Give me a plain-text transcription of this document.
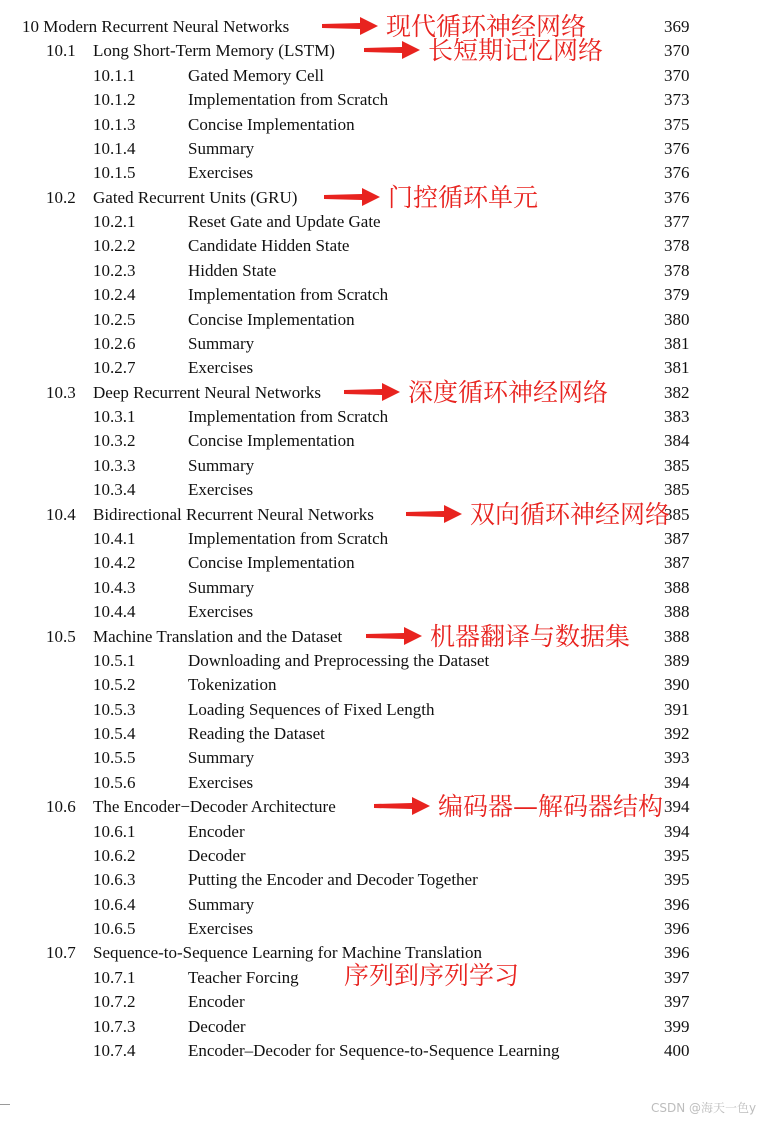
10 Modern Recurrent Neural Networks	369
10.1 Long Short-Term Memory (LSTM)	370
10.1.1	Gated Memory Cell	370
10.1.2	Implementation from Scratch	373
10.1.3	Concise Implementation	375
10.1.4	Summary	376
10.1.5	Exercises	376
10.2 Gated Recurrent Units (GRU)	376
10.2.1	Reset Gate and Update Gate	377
10.2.2	Candidate Hidden State	378
10.2.3	Hidden State	378
10.2.4	Implementation from Scratch	379
10.2.5	Concise Implementation	380
10.2.6	Summary	381
10.2.7	Exercises	381
10.3 Deep Recurrent Neural Networks	382
10.3.1	Implementation from Scratch	383
10.3.2	Concise Implementation	384
10.3.3	Summary	385
10.3.4	Exercises	385
10.4 Bidirectional Recurrent Neural Networks	385
10.4.1	Implementation from Scratch	387
10.4.2	Concise Implementation	387
10.4.3	Summary	388
10.4.4	Exercises	388
10.5 Machine Translation and the Dataset	388
10.5.1	Downloading and Preprocessing the Dataset	389
10.5.2	Tokenization	390
10.5.3	Loading Sequences of Fixed Length	391
10.5.4	Reading the Dataset	392
10.5.5	Summary	393
10.5.6	Exercises	394
10.6 The Encoder−Decoder Architecture	394
10.6.1	Encoder	394
10.6.2	Decoder	395
10.6.3	Putting the Encoder and Decoder Together	395
10.6.4	Summary	396
10.6.5	Exercises	396
10.7 Sequence-to-Sequence Learning for Machine Translation	396
10.7.1	Teacher Forcing	397
10.7.2	Encoder	397
10.7.3	Decoder	399
10.7.4	Encoder–Decoder for Sequence-to-Sequence Learning	400
现代循环神经网络
长短期记忆网络
门控循环单元
深度循环神经网络
双向循环神经网络
机器翻译与数据集
编码器—解码器结构
序列到序列学习
CSDN @海天一色y
